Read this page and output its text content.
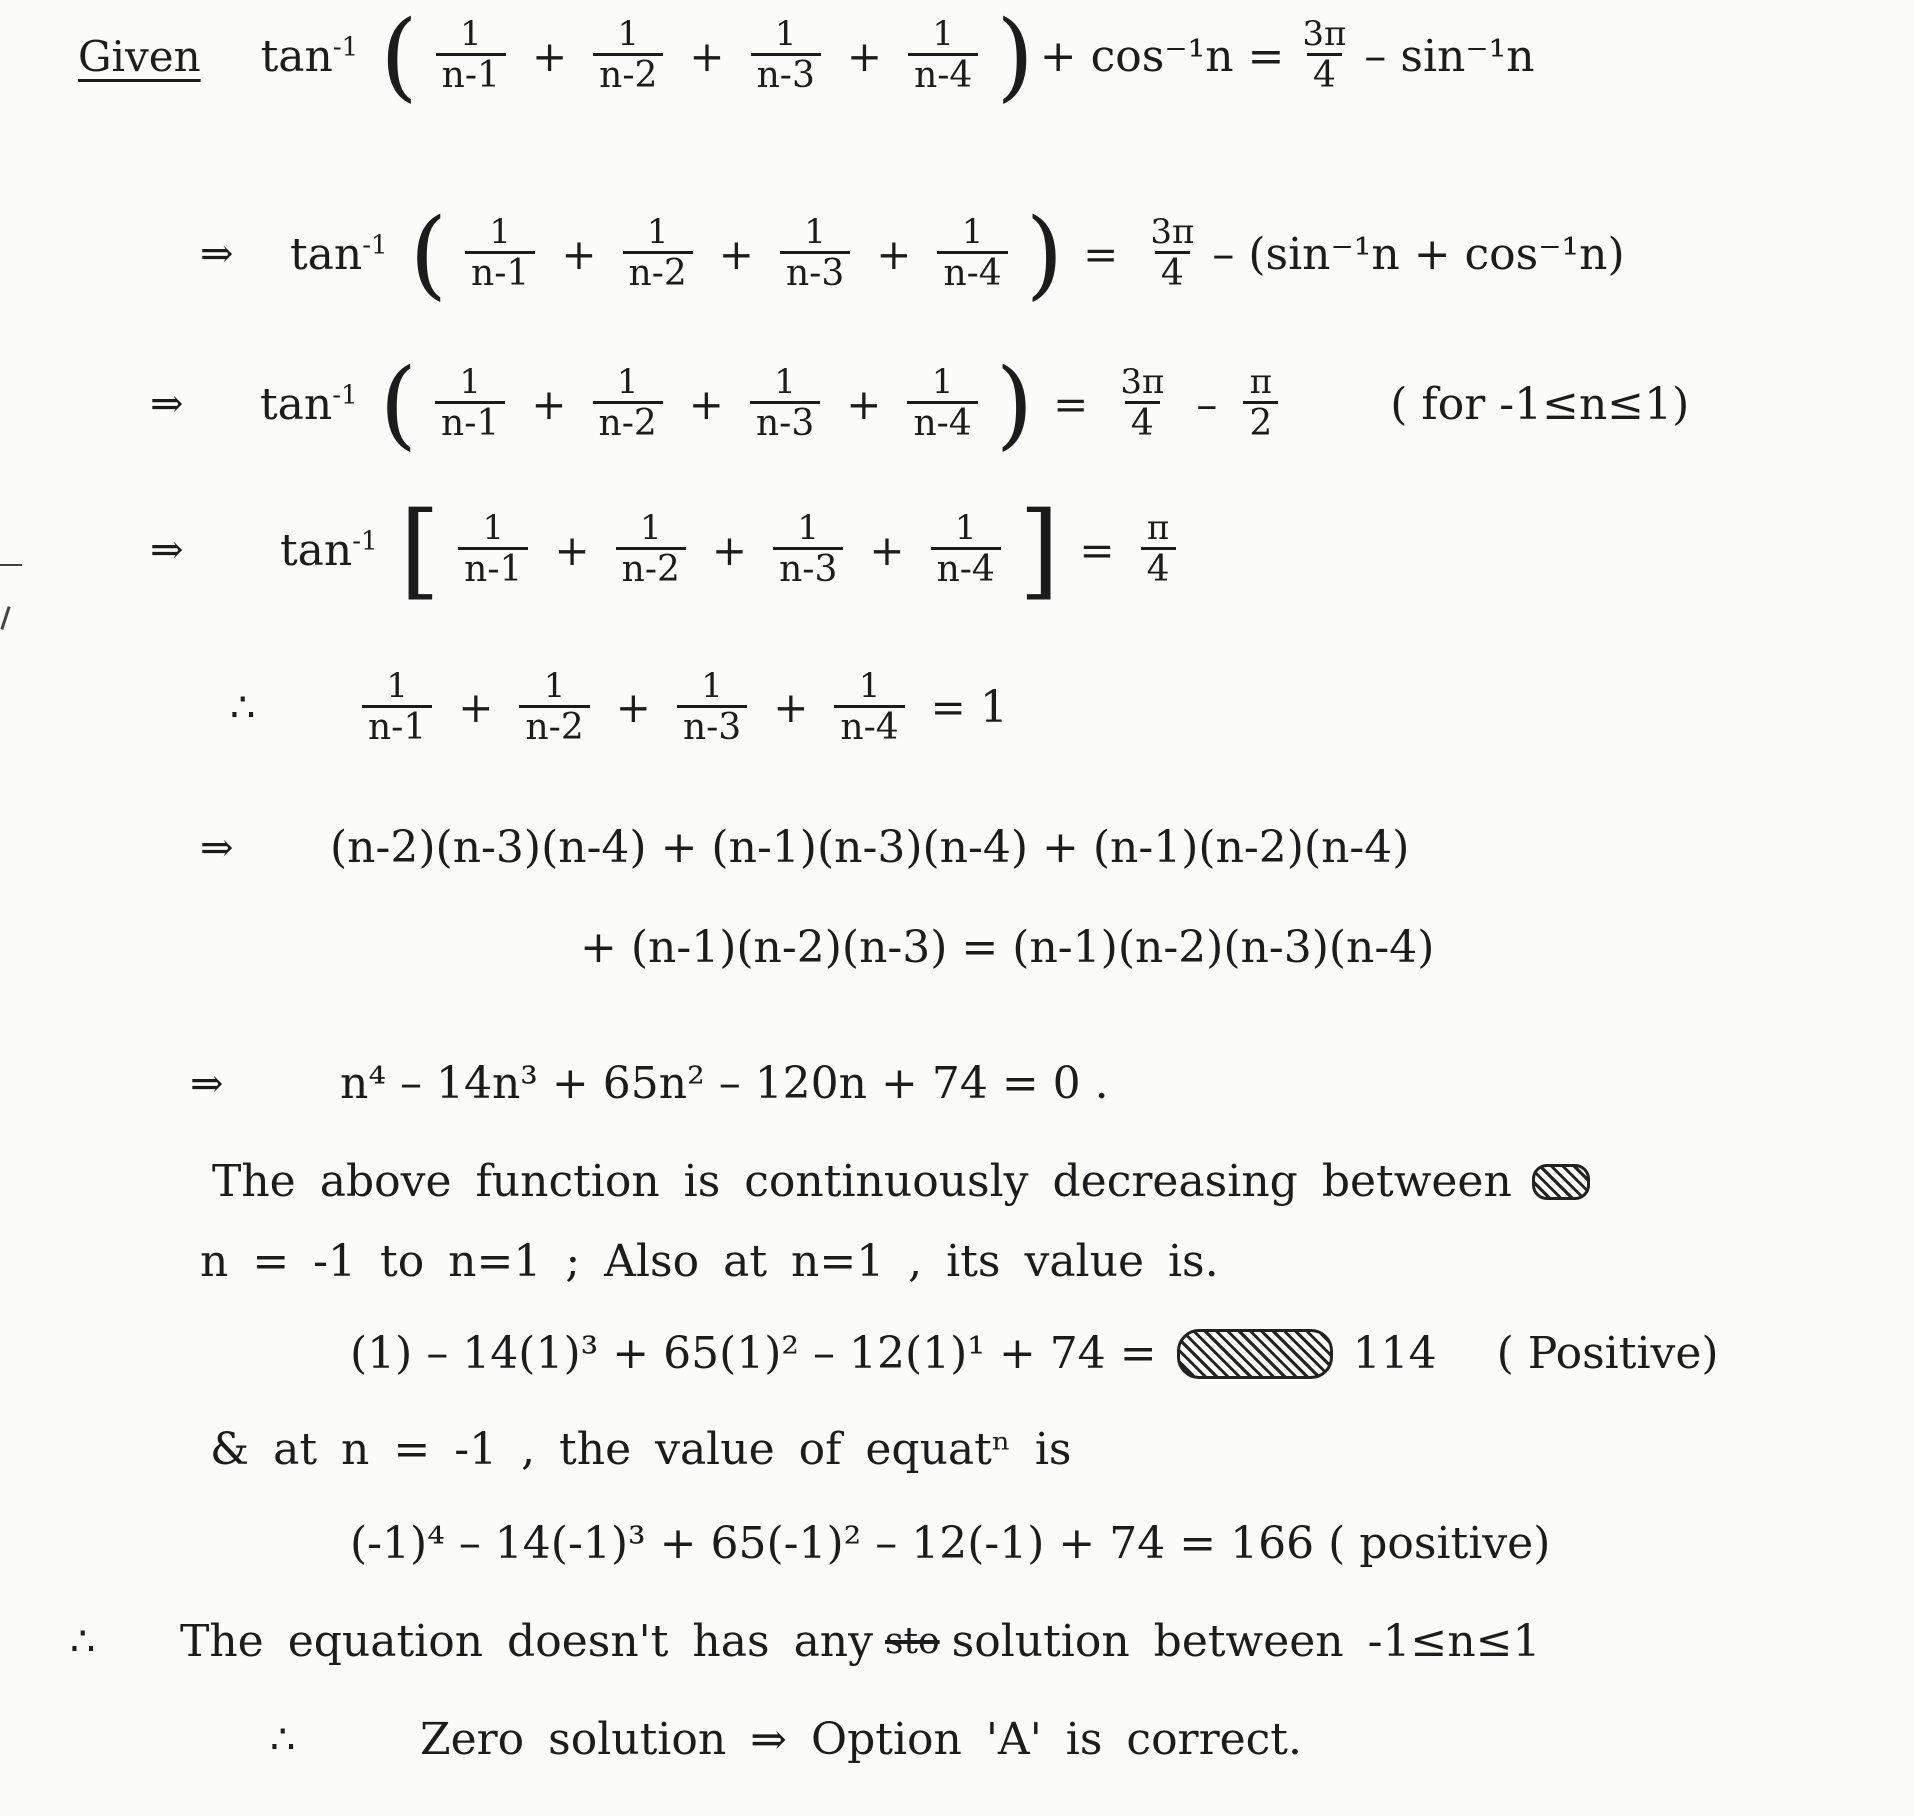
Given $\tan^{-1}$ ( $\frac{1}{n-1} + \frac{1}{n-2} + \frac{1}{n-3} + \frac{1}{n-4}$ ) + $\cos^{-1}n = \frac{3\pi}{4} - \sin^{-1}n$
⇒	$\tan^{-1}$ ( $\frac{1}{n-1} + \frac{1}{n-2} + \frac{1}{n-3} + \frac{1}{n-4}$ ) = $\frac{3\pi}{4} - (\sin^{-1}n + \cos^{-1}n)$
⇒	$\tan^{-1}$ ( $\frac{1}{n-1} + \frac{1}{n-2} + \frac{1}{n-3} + \frac{1}{n-4}$ ) = $\frac{3\pi}{4} - \frac{\pi}{2}$	( for -1≤n≤1)
⇒	$\tan^{-1}$ [ $\frac{1}{n-1} + \frac{1}{n-2} + \frac{1}{n-3} + \frac{1}{n-4}$ ] = $\frac{\pi}{4}$
∴	$\frac{1}{n-1} + \frac{1}{n-2} + \frac{1}{n-3} + \frac{1}{n-4} = 1$
⇒	(n-2)(n-3)(n-4) + (n-1)(n-3)(n-4) + (n-1)(n-2)(n-4)
+ (n-1)(n-2)(n-3) = (n-1)(n-2)(n-3)(n-4)
⇒	n⁴ – 14n³ + 65n² – 120n + 74 = 0 .
The above function is continuously decreasing between
n = -1 to n=1 ; Also at n=1 , its value is.
(1) – 14(1)³ + 65(1)² – 12(1)¹ + 74 =	114 ( Positive)
& at n = -1 , the value of equatⁿ is
(-1)⁴ – 14(-1)³ + 65(-1)² – 12(-1) + 74 = 166 ( positive)
∴	The equation doesn't has any sto solution between -1≤n≤1
∴	Zero solution ⇒ Option 'A' is correct.
